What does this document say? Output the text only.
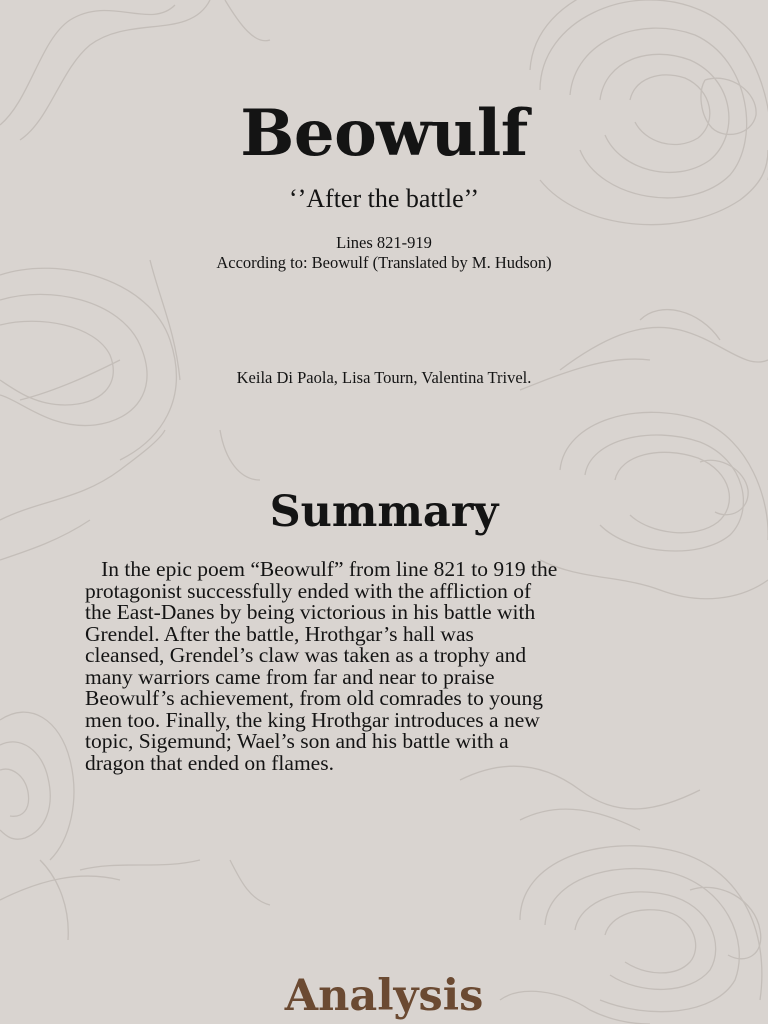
Beowulf
‘’After the battle’’
Lines 821-919
According to: Beowulf (Translated by M. Hudson)
Keila Di Paola, Lisa Tourn, Valentina Trivel.
Summary
In the epic poem “Beowulf” from line 821 to 919 the
protagonist successfully ended with the affliction of
the East-Danes by being victorious in his battle with
Grendel. After the battle, Hrothgar’s hall was
cleansed, Grendel’s claw was taken as a trophy and
many warriors came from far and near to praise
Beowulf’s achievement, from old comrades to young
men too. Finally, the king Hrothgar introduces a new
topic, Sigemund; Wael’s son and his battle with a
dragon that ended on flames.
Analysis
